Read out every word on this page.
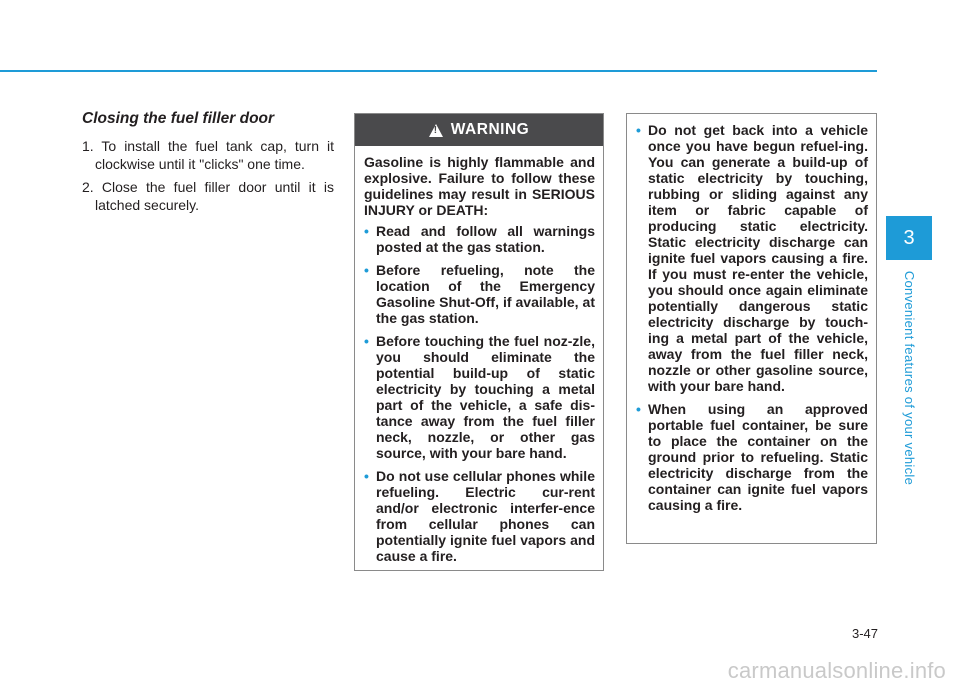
Closing the fuel filler door
1. To install the fuel tank cap, turn it clockwise until it "clicks" one time.
2. Close the fuel filler door until it is latched securely.
!
WARNING

Gasoline is highly flammable and explosive. Failure to follow these guidelines may result in SERIOUS INJURY or DEATH:

• Read and follow all warnings posted at the gas station.
• Before refueling, note the location of the Emergency Gasoline Shut-Off, if available, at the gas station.
• Before touching the fuel noz-zle, you should eliminate the potential build-up of static electricity by touching a metal part of the vehicle, a safe dis-tance away from the fuel filler neck, nozzle, or other gas source, with your bare hand.
• Do not use cellular phones while refueling. Electric cur-rent and/or electronic interfer-ence from cellular phones can potentially ignite fuel vapors and cause a fire.
• Do not get back into a vehicle once you have begun refuel-ing. You can generate a build-up of static electricity by touching, rubbing or sliding against any item or fabric capable of producing static electricity. Static electricity discharge can ignite fuel vapors causing a fire. If you must re-enter the vehicle, you should once again eliminate potentially dangerous static electricity discharge by touch-ing a metal part of the vehicle, away from the fuel filler neck, nozzle or other gasoline source, with your bare hand.
• When using an approved portable fuel container, be sure to place the container on the ground prior to refueling. Static electricity discharge from the container can ignite fuel vapors causing a fire.
3
Convenient features of your vehicle
3-47
carmanualsonline.info
